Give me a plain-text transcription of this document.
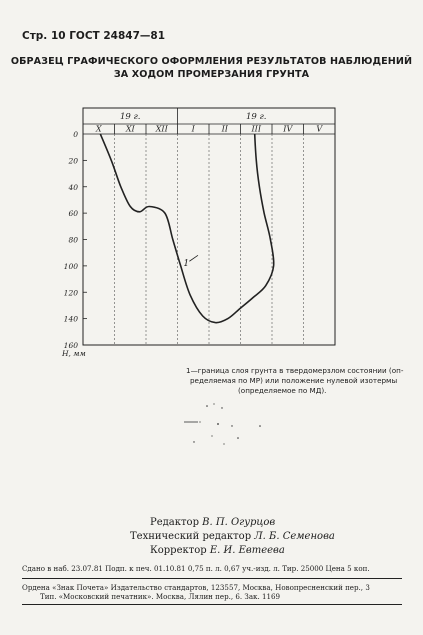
Стр. 10 ГОСТ 24847—81
ОБРАЗЕЦ ГРАФИЧЕСКОГО ОФОРМЛЕНИЯ РЕЗУЛЬТАТОВ НАБЛЮДЕНИЙ
ЗА ХОДОМ ПРОМЕРЗАНИЯ ГРУНТА
19 г.	19 г.
X	XI	XII	I	II	III	IV	V
0
20
40
60
80
100
120
140
160
Н, мм
1
1—граница слоя грунта в твердомерзлом состоянии (оп-
ределяемая по МР) или положение нулевой изотермы
(определяемое по МД).
Редактор В. П. Огурцов
Технический редактор Л. Б. Семенова
Корректор Е. И. Евтеева
Сдано в наб. 23.07.81 Подп. к печ. 01.10.81 0,75 п. л. 0,67 уч.-изд. л. Тир. 25000 Цена 5 коп.
Ордена «Знак Почета» Издательство стандартов, 123557, Москва, Новопресненский пер., 3
Тип. «Московский печатник». Москва, Лялин пер., 6. Зак. 1169
